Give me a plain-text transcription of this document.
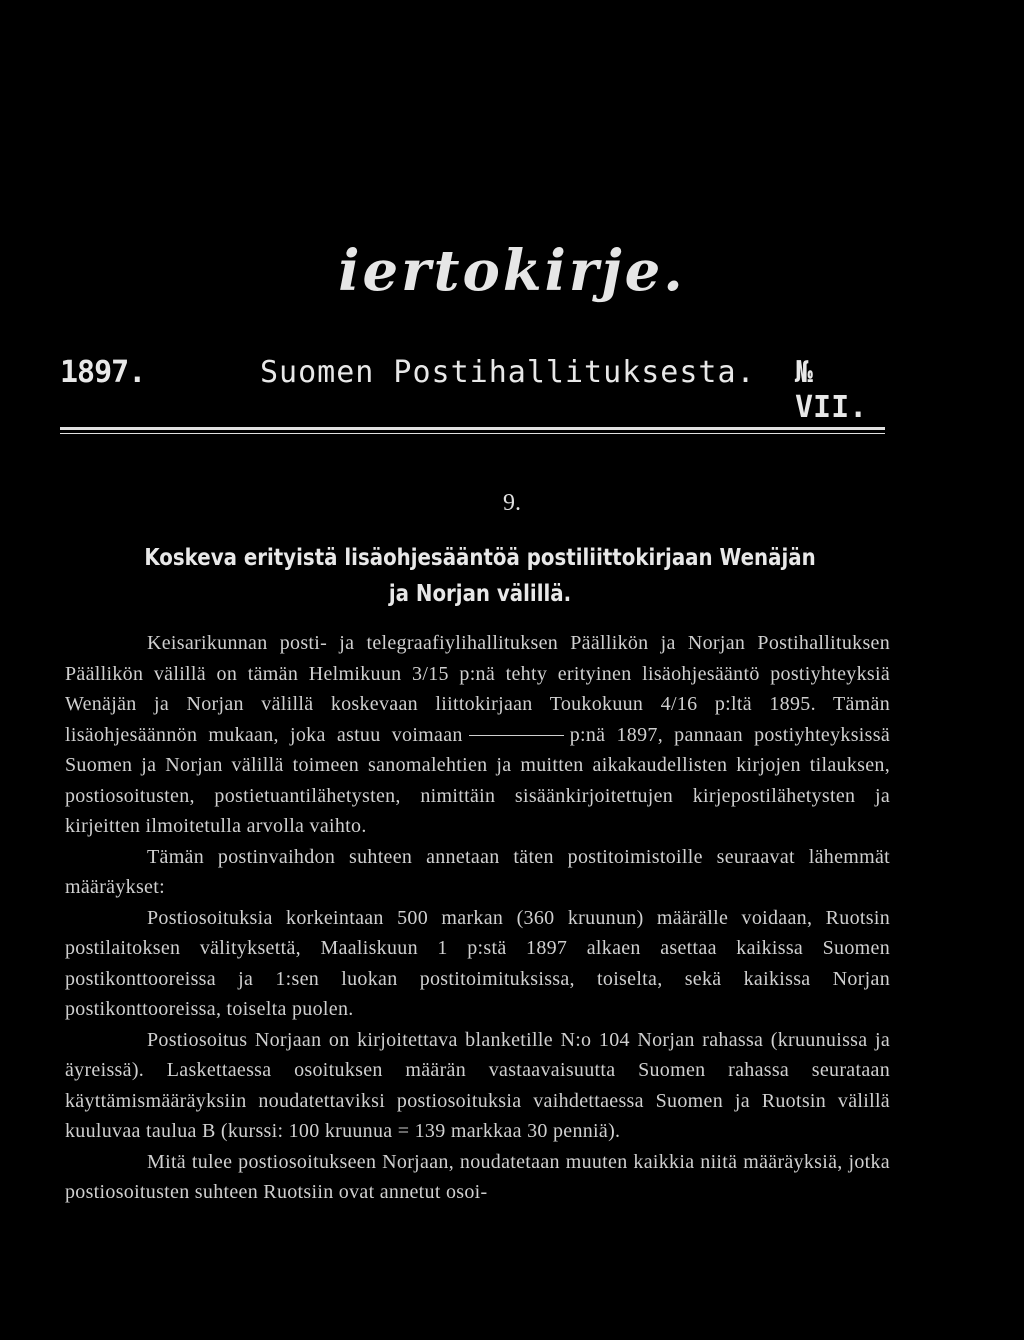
iertokirje.
1897.	Suomen Postihallituksesta. № VII.
9.
Koskeva erityistä lisäohjesääntöä postiliittokirjaan Wenäjän ja Norjan välillä.

Keisarikunnan posti- ja telegraafiylihallituksen Päällikön ja Norjan Postihallituksen Päällikön välillä on tämän Helmikuun 3/15 p:nä tehty erityinen lisäohjesääntö postiyhteyksiä Wenäjän ja Norjan välillä koskevaan liittokirjaan Toukokuun 4/16 p:ltä 1895. Tämän lisäohjesäännön mukaan, joka astuu voimaan	p:nä 1897, pannaan postiyhteyksissä Suomen ja Norjan välillä toimeen sanomalehtien ja muitten aikakaudellisten kirjojen tilauksen, postiosoitusten, postietuantilähetysten, nimittäin sisäänkirjoitettujen kirjepostilähetysten ja kirjeitten ilmoitetulla arvolla vaihto.

Tämän postinvaihdon suhteen annetaan täten postitoimistoille seuraavat lähemmät määräykset:

Postiosoituksia korkeintaan 500 markan (360 kruunun) määrälle voidaan, Ruotsin postilaitoksen välityksettä, Maaliskuun 1 p:stä 1897 alkaen asettaa kaikissa Suomen postikonttooreissa ja 1:sen luokan postitoimituksissa, toiselta, sekä kaikissa Norjan postikonttooreissa, toiselta puolen.

Postiosoitus Norjaan on kirjoitettava blanketille N:o 104 Norjan rahassa (kruunuissa ja äyreissä). Laskettaessa osoituksen määrän vastaavaisuutta Suomen rahassa seurataan käyttämismääräyksiin noudatettaviksi postiosoituksia vaihdettaessa Suomen ja Ruotsin välillä kuuluvaa taulua B (kurssi: 100 kruunua = 139 markkaa 30 penniä).

Mitä tulee postiosoitukseen Norjaan, noudatetaan muuten kaikkia niitä määräyksiä, jotka postiosoitusten suhteen Ruotsiin ovat annetut osoi-
